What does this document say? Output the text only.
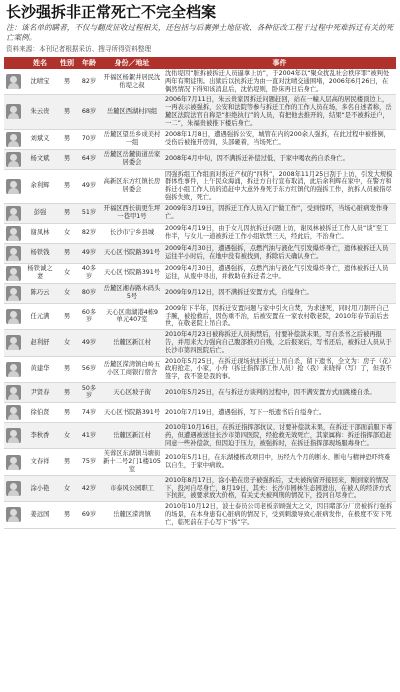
长沙强拆非正常死亡不完全档案
注：该名单的瞒者，不仅与翻皮征收过程相关，还包括与后裹弹土地征收、各种征改工程干过程中死难拆迁有关的死亡案例。
资料来源：本刊记者根据采访、搜寻所得资料整理
	姓名	性别	年龄	身份／地址	事件

	沈晴宝	男	82岁	开福区杨絮井居民沈佑堤之叔	沈佑堤因“脏拆被拆迁人员逼拿上访”，于2004年以“聚众扰乱社会秩序罪”被判处两年有期徒刑。出狱后以抗拆迁为由一直对沈晴交通围堵，2006年6月26日，在偶然情况下得知该消息后，沈佑堤则，卧床再日后身亡。

	朱云贵	男	68岁	岳麓区西湖村四组	2006年7月11日，朱云贵家因拆迁问题赶回，站在一幢人层高的居民楼顶边上，一再表示被强拆，公安和法院等参与拆迁工作的工作人员在场，多名自述者称，岳麓区法院法官自称是“拒绝执行”的人员，有把他去推开的，结果“是不被拆迁户，一二”，朱福贵被推下楼后身亡。

	刘斌义	男	70岁	岳麓区望岳乡成美村一组	2008年1月8日，遭遇强拆公安，城管在内的200余人强拆，在此过程中被推倒，受伤后被拖开房间，头部砸着，当场死亡。

	杨文斌	男	64岁	岳麓区岳麓街道岳家居委会	2008年4月中旬，因不满拆迁补偿过低，于家中喝农药自杀身亡。

	余利辉	男	49岁	高新区东方红镇长房居委会	因强拆组工作组面对拆迁产权的“四科”，2008年11月25日刮于上访，引发大规模群体性事件，上午民众海涌，拆迁方自行宣布取消，此后余利辉在家中，在警方和拆迁小组工作人员的追赶中大意外身死于东方红镇代的强拆工作，抗拆人员被指尽强拆失败，死亡。

	彭强	男	51岁	开福区西长街更生坪一巷甲1号	2009年3月19日，因拆迁工作人员入门“做工作”，受到惊吓，当场心脏病发作身亡。

	谢凤林	女	82岁	长沙市宁乡县城	2009年4月19日，由于女儿因抗拆迁问题上访，谢凤林被拆迁工作人员“谈”至工作半，与女儿一道被拆迁工作小组软禁三天，经此后，不治身亡。

	杨铁钱	男	49岁	天心区书院路391号	2009年4月30日，遭遇强拆，点燃汽油与液化气引发爆炸身亡，遗体被拆迁人员运往半小时后，在地中没有被找到，拆除后天确认身亡。

	杨铁诚之妻	女	40多岁	天心区书院路391号	2009年4月30日，遭遇强拆，点燃汽油与液化气引发爆炸身亡，遗体被拆迁人员运往，从废中寻出，并救助在拆迁者之中。

	陈巧云	女	80岁	岳麓区湘春路木码头5号	2009年9月12日，因不满拆迁安置方式，自缢身亡。

	任元满	男	60多岁	天心区南湖港4栋9单元407室	2009年下半年，因拆迁安置问题与家中引火自焚，为求速死，同时用刀割开自己手腕，被抢救后，因伤重不治，后被安置在一家农村敬老院，2010年春节前后去世，在敬老院上吊自杀。

	赵利舒	女	49岁	岳麓区新江村	2010年4月23日被称拆迁人员拘禁后，付要补偿款未果，写自杀书之后被再报告，并用来大力强向自己腹部推刃自残，之后报案后，写书还后，被拆迁人员从于长沙市第四医院后亡。

	黄建华	男	56岁	岳麓区溁湾镇白岭五小区工商银行宿舍	2010年5月25日，在拆迁现场抗拒拆迁上吊自杀，留下遗书，全文为：房子（花）政府抢走，小家，小舟（拆迁指挥部工作人员）抢（我）来晓得（写）了，但我不签字，我不签是我的事。

	尹贤春	男	50多岁	天心区坡子街	2010年5月25日，在与拆迁方谈判的过程中，因不满安置方式而跳楼自杀。

	徐伯贤	男	74岁	天心区书院路391号	2010年7月19日，遭遇强拆，写下一纸遗书后自缢身亡。

	李秋香	女	41岁	岳麓区新江村	2010年10月16日，在拆迁指挥部抗议、讨要补偿款未果，在拆迁干部面前服下毒药，但遭遇被送往长沙市第四医院，经抢救无效死亡，其家属称：拆迁指挥部追赶同意一些补偿款，但因迫于压力，被强拆时，在拆迁指挥部现场服毒身亡。

	文春祥	男	75岁	芙蓉区东湖镇马塘街新十二号2门1楼105室	2010年5月1日，在东湖楼栋改项目中，历经九个月的断水、断电与精神恐吓终难以自生，于家中病故。

	涂小艳	女	42岁	市泰风公园职工	2010年8月17日，涂小艳在房子被强拆后，丈夫被拘留开接回来，刚到家的情况下，投河自尽身亡，8月19日，其夫：长沙市园林生态园进出，在被人的经济方式下抗拒，被要求放大价格，有关丈夫被判刑的情况下，投河自尽身亡。

	姜远国	男	69岁	岳麓区溁湾镇	2010年10月12日，波士泰员公司老板亲顾强大之父，因目睹部分厂房被拆行强拆的场景，在本身患有心脏病的情况下，受到刺激导致心脏病发作，在极度不安下死亡，临死前在手心写下“拆”字。
